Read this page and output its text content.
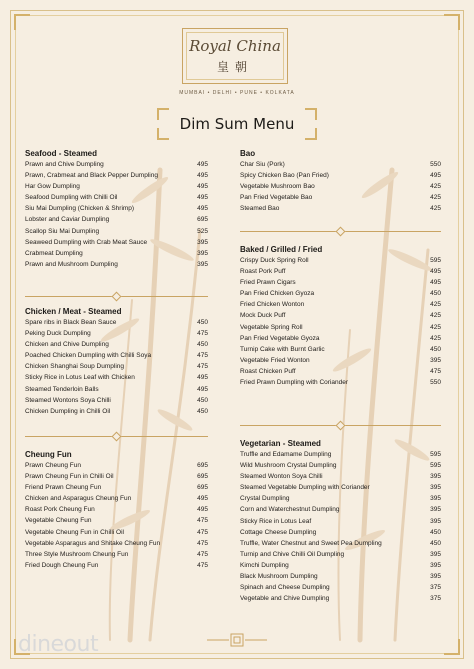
Royal China
皇朝
MUMBAI • DELHI • PUNE • KOLKATA
Dim Sum Menu
Seafood - Steamed
Prawn and Chive Dumpling	495
Prawn, Crabmeat and Black Pepper Dumpling	495
Har Gow Dumpling	495
Seafood Dumpling with Chilli Oil	495
Siu Mai Dumpling (Chicken & Shrimp)	495
Lobster and Caviar Dumpling	695
Scallop Siu Mai Dumpling	525
Seaweed Dumpling with Crab Meat Sauce	395
Crabmeat Dumpling	395
Prawn and Mushroom Dumpling	395
Chicken / Meat - Steamed
Spare ribs in Black Bean Sauce	450
Peking Duck Dumpling	475
Chicken and Chive Dumpling	450
Poached Chicken Dumpling with Chilli Soya	475
Chicken Shanghai Soup Dumpling	475
Sticky Rice in Lotus Leaf with Chicken	495
Steamed Tenderloin Balls	495
Steamed Wontons Soya Chilli	450
Chicken Dumpling in Chilli Oil	450
Cheung Fun
Prawn Cheung Fun	695
Prawn Cheung Fun in Chilli Oil	695
Friend Prawn Cheung Fun	695
Chicken and Asparagus Cheung Fun	495
Roast Pork Cheung Fun	495
Vegetable Cheung Fun	475
Vegetable Cheung Fun in Chilli Oil	475
Vegetable Asparagus and Shitake Cheung Fun	475
Three Style Mushroom Cheung Fun	475
Fried Dough Cheung Fun	475
Bao
Char Siu (Pork)	550
Spicy Chicken Bao (Pan Fried)	495
Vegetable Mushroom Bao	425
Pan Fried Vegetable Bao	425
Steamed Bao	425
Baked / Grilled / Fried
Crispy Duck Spring Roll	595
Roast Pork Puff	495
Fried Prawn Cigars	495
Pan Fried Chicken Gyoza	450
Fried Chicken Wonton	425
Mock Duck Puff	425
Vegetable Spring Roll	425
Pan Fried Vegetable Gyoza	425
Turnip Cake with Burnt Garlic	450
Vegetable Fried Wonton	395
Roast Chicken Puff	475
Fried Prawn Dumpling with Coriander	550
Vegetarian - Steamed
Truffle and Edamame Dumpling	595
Wild Mushroom Crystal Dumpling	595
Steamed Wonton Soya Chilli	395
Steamed Vegetable Dumpling with Coriander	395
Crystal Dumpling	395
Corn and Waterchestnut Dumpling	395
Sticky Rice in Lotus Leaf	395
Cottage Cheese Dumpling	450
Truffle, Water Chestnut and Sweet Pea Dumpling	450
Turnip and Chive Chilli Oil Dumpling	395
Kimchi Dumpling	395
Black Mushroom Dumpling	395
Spinach and Cheese Dumpling	375
Vegetable and Chive Dumpling	375
dineout
